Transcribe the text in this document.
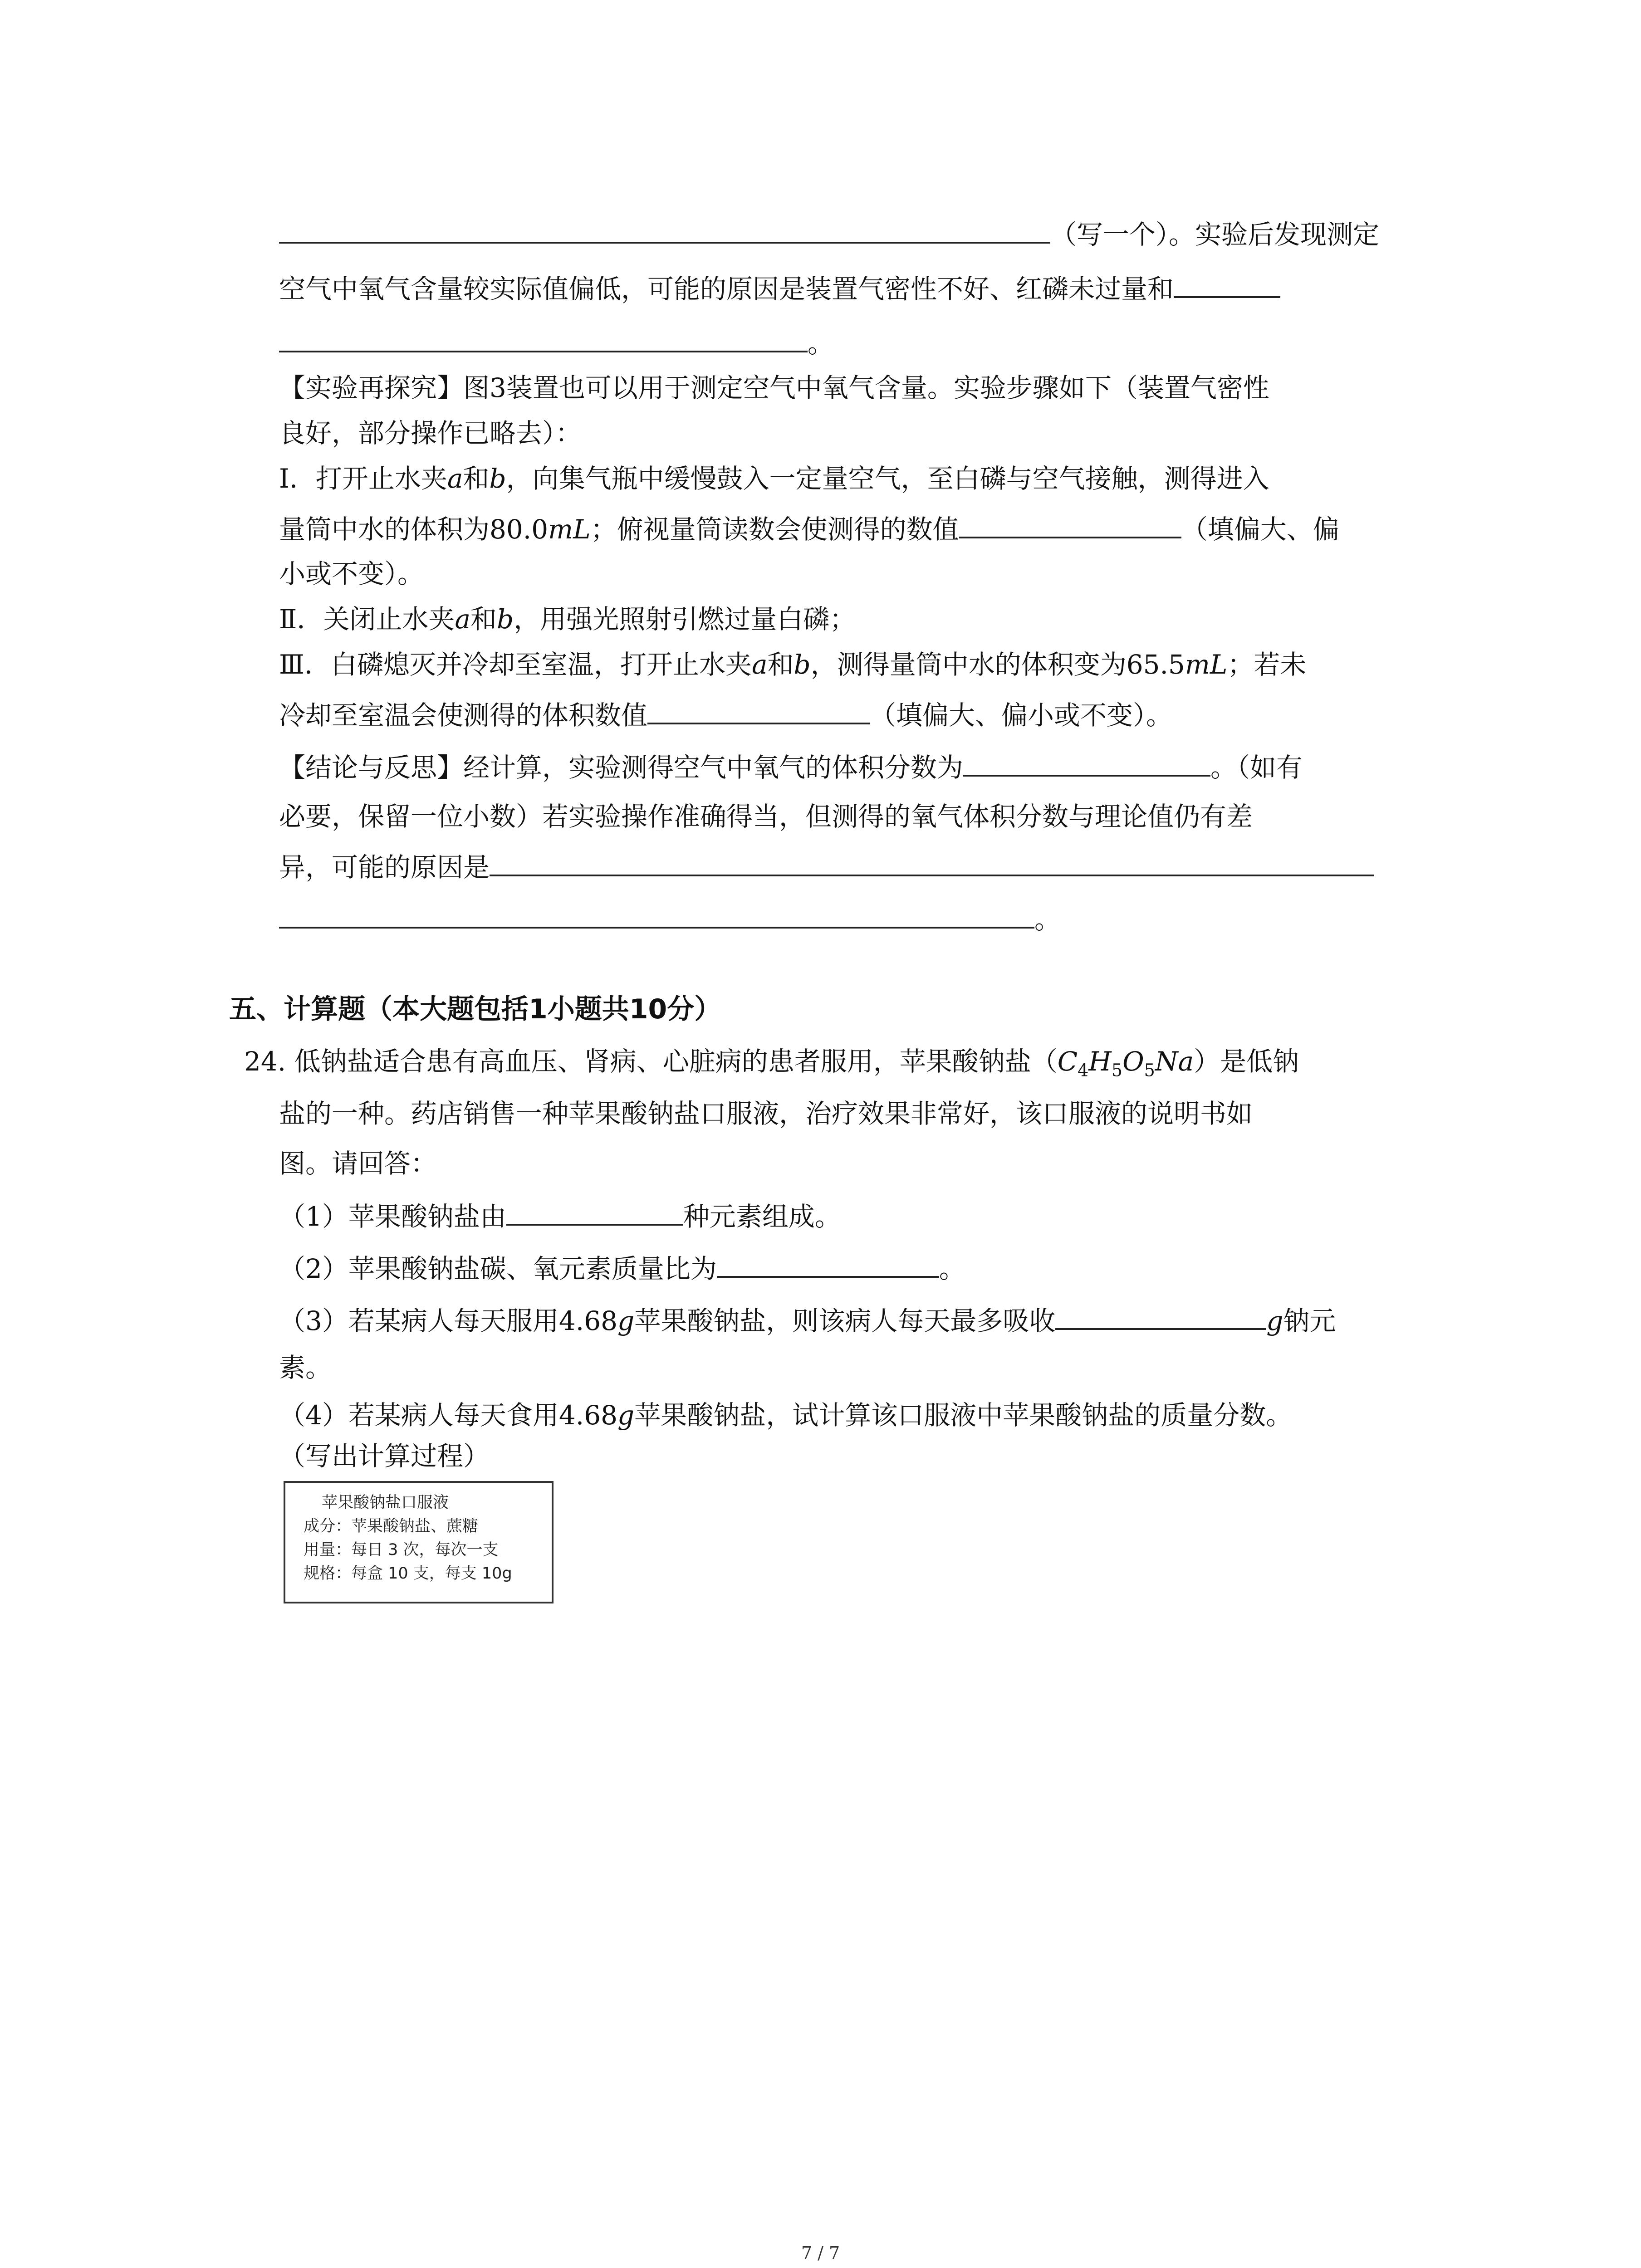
（写一个）。实验后发现测定
空气中氧气含量较实际值偏低，可能的原因是装置气密性不好、红磷未过量和
。
【实验再探究】图3装置也可以用于测定空气中氧气含量。实验步骤如下（装置气密性
良好，部分操作已略去）：
Ⅰ．打开止水夹a和b，向集气瓶中缓慢鼓入一定量空气，至白磷与空气接触，测得进入
量筒中水的体积为80.0mL；俯视量筒读数会使测得的数值	（填偏大、偏
小或不变）。
Ⅱ．关闭止水夹a和b，用强光照射引燃过量白磷；
Ⅲ．白磷熄灭并冷却至室温，打开止水夹a和b，测得量筒中水的体积变为65.5mL；若未
冷却至室温会使测得的体积数值	（填偏大、偏小或不变）。
【结论与反思】经计算，实验测得空气中氧气的体积分数为	。（如有
必要，保留一位小数）若实验操作准确得当，但测得的氧气体积分数与理论值仍有差
异，可能的原因是
。
五、计算题（本大题包括1小题共10分）
24. 低钠盐适合患有高血压、肾病、心脏病的患者服用，苹果酸钠盐$(C_4H_5O_5Na)$是低钠
盐的一种。药店销售一种苹果酸钠盐口服液，治疗效果非常好，该口服液的说明书如
图。请回答：
（1）苹果酸钠盐由	种元素组成。
（2）苹果酸钠盐碳、氧元素质量比为	。
（3）若某病人每天服用4.68g苹果酸钠盐，则该病人每天最多吸收	g钠元
素。
（4）若某病人每天食用4.68g苹果酸钠盐，试计算该口服液中苹果酸钠盐的质量分数。
（写出计算过程）
苹果酸钠盐口服液
成分：苹果酸钠盐、蔗糖
用量：每日 3 次，每次一支
规格：每盒 10 支，每支 10g
7 / 7
